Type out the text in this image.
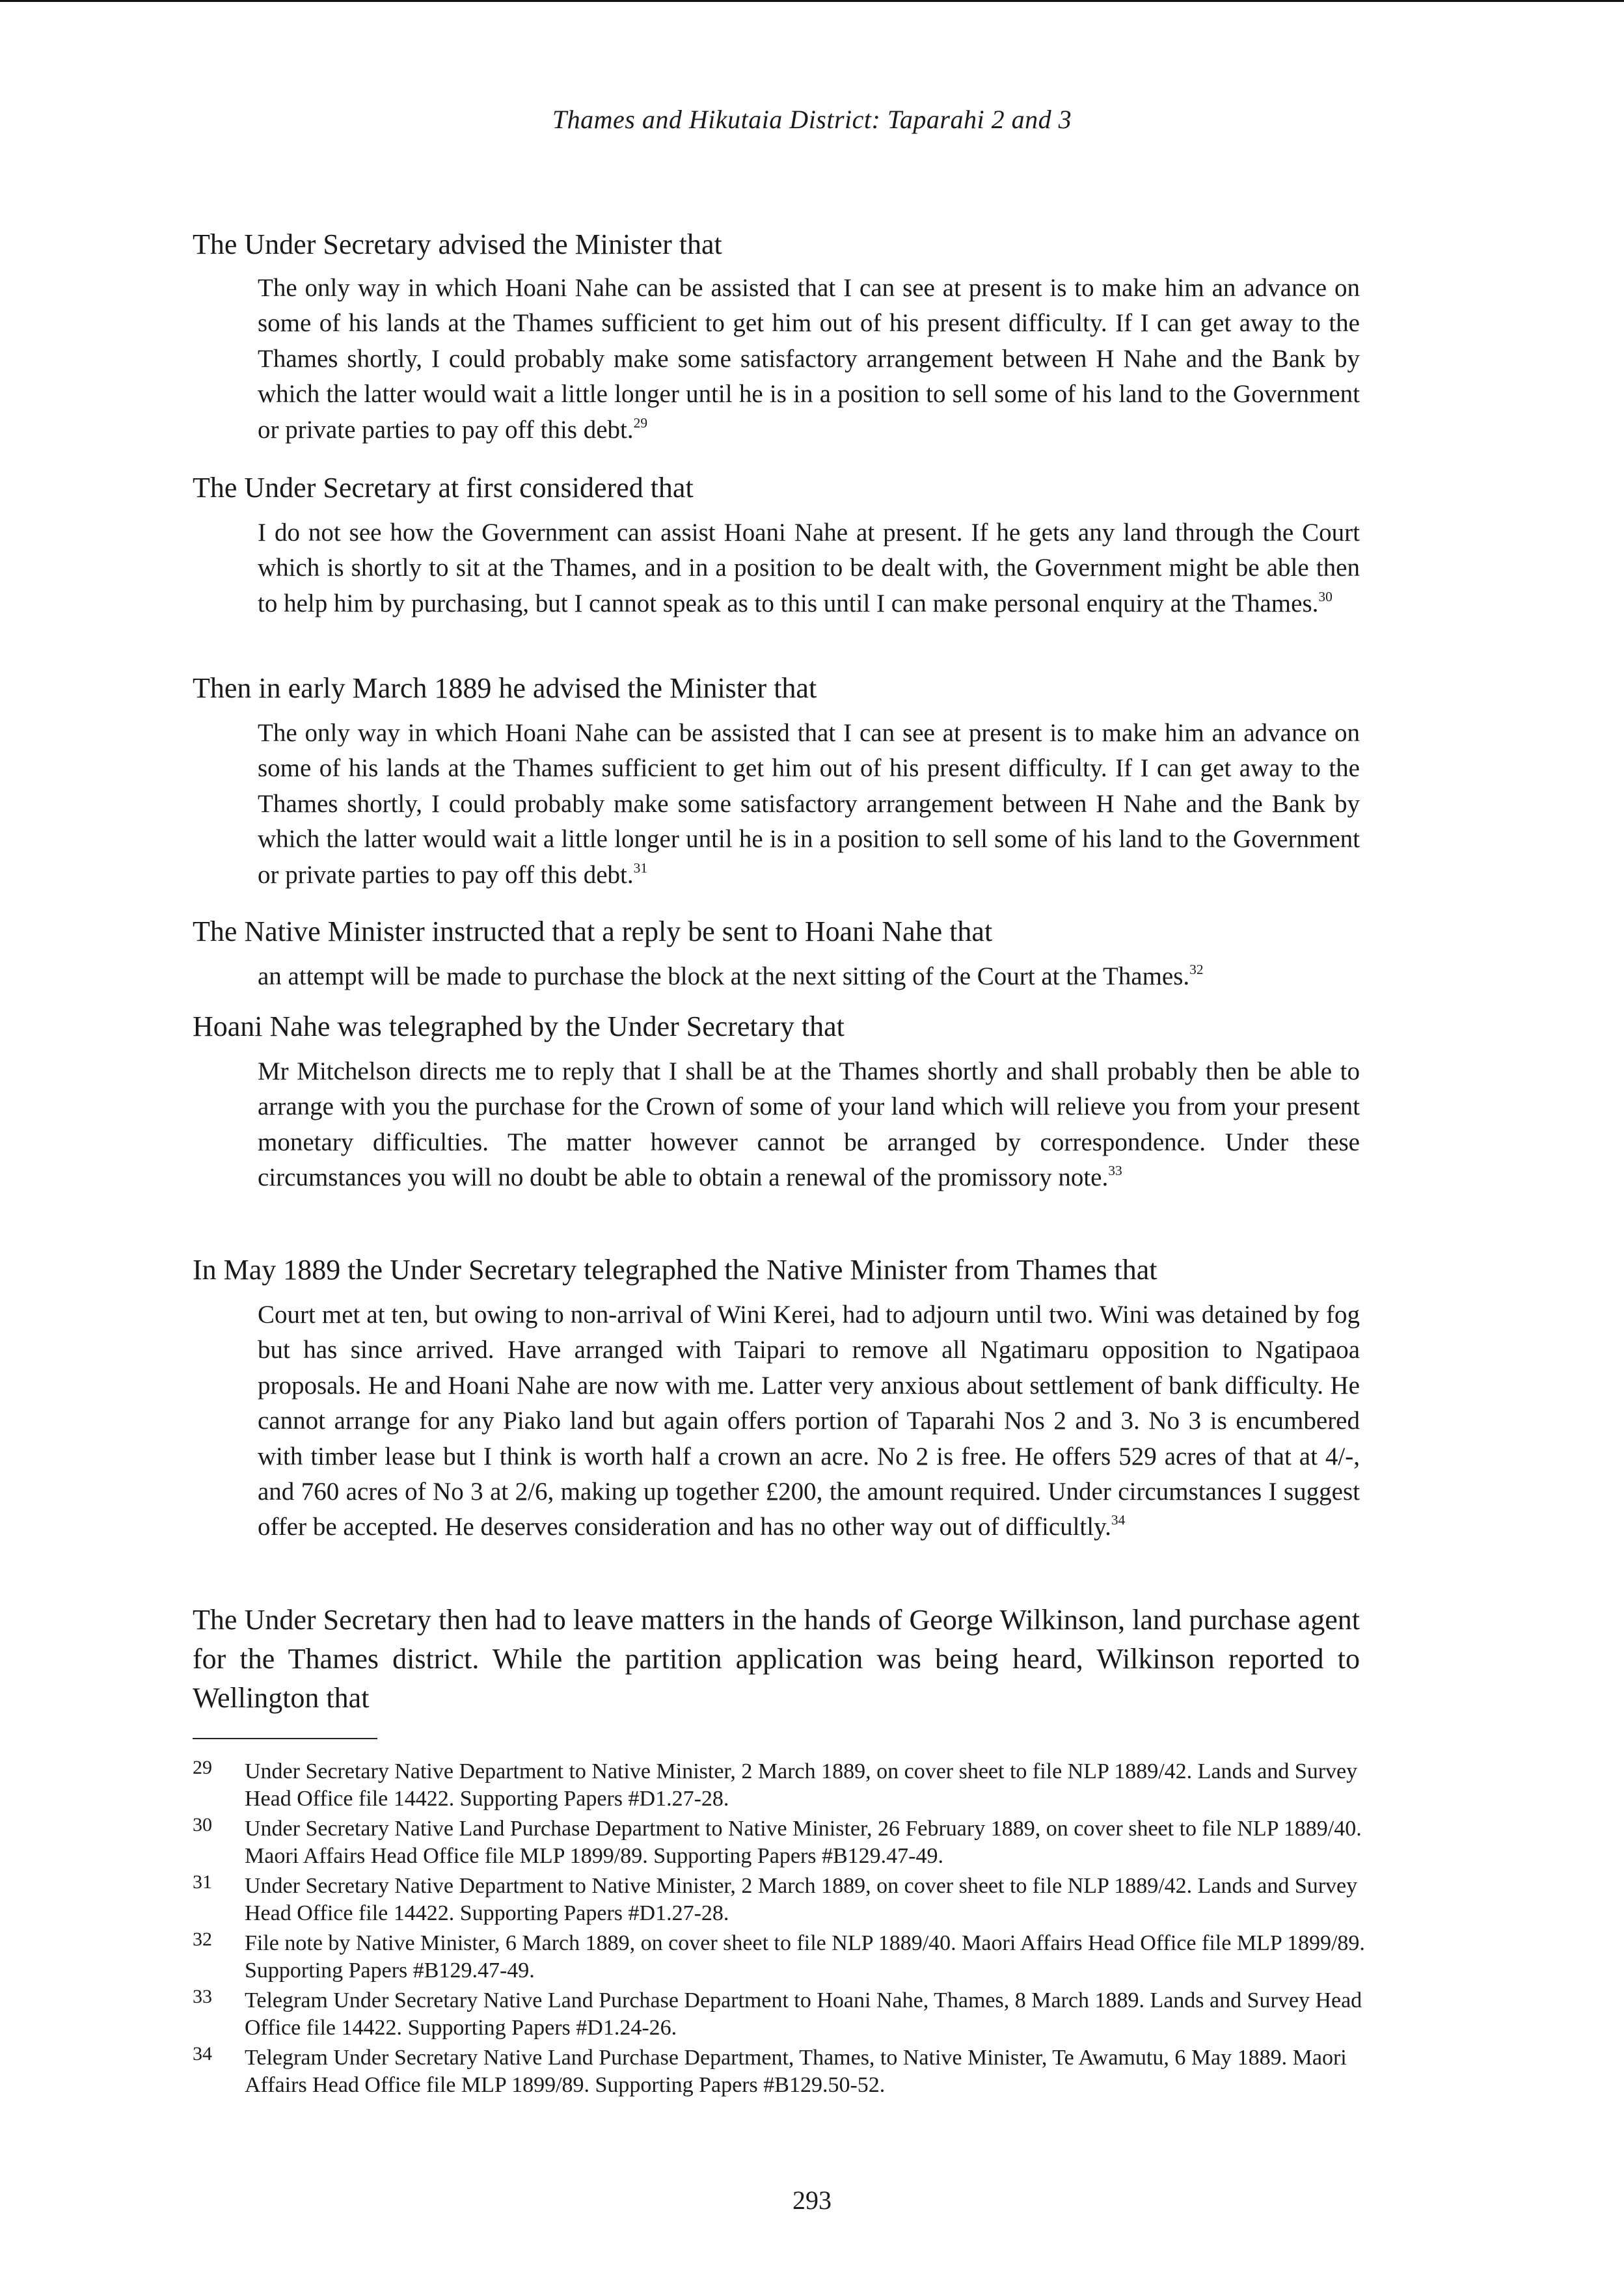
Thames and Hikutaia District: Taparahi 2 and 3
The Under Secretary advised the Minister that
The only way in which Hoani Nahe can be assisted that I can see at present is to make him an advance on some of his lands at the Thames sufficient to get him out of his present difficulty. If I can get away to the Thames shortly, I could probably make some satisfactory arrangement between H Nahe and the Bank by which the latter would wait a little longer until he is in a position to sell some of his land to the Government or private parties to pay off this debt.$^{29}$
The Under Secretary at first considered that
I do not see how the Government can assist Hoani Nahe at present. If he gets any land through the Court which is shortly to sit at the Thames, and in a position to be dealt with, the Government might be able then to help him by purchasing, but I cannot speak as to this until I can make personal enquiry at the Thames.$^{30}$
Then in early March 1889 he advised the Minister that
The only way in which Hoani Nahe can be assisted that I can see at present is to make him an advance on some of his lands at the Thames sufficient to get him out of his present difficulty. If I can get away to the Thames shortly, I could probably make some satisfactory arrangement between H Nahe and the Bank by which the latter would wait a little longer until he is in a position to sell some of his land to the Government or private parties to pay off this debt.$^{31}$
The Native Minister instructed that a reply be sent to Hoani Nahe that
an attempt will be made to purchase the block at the next sitting of the Court at the Thames.$^{32}$
Hoani Nahe was telegraphed by the Under Secretary that
Mr Mitchelson directs me to reply that I shall be at the Thames shortly and shall probably then be able to arrange with you the purchase for the Crown of some of your land which will relieve you from your present monetary difficulties. The matter however cannot be arranged by correspondence. Under these circumstances you will no doubt be able to obtain a renewal of the promissory note.$^{33}$
In May 1889 the Under Secretary telegraphed the Native Minister from Thames that
Court met at ten, but owing to non-arrival of Wini Kerei, had to adjourn until two. Wini was detained by fog but has since arrived. Have arranged with Taipari to remove all Ngatimaru opposition to Ngatipaoa proposals. He and Hoani Nahe are now with me. Latter very anxious about settlement of bank difficulty. He cannot arrange for any Piako land but again offers portion of Taparahi Nos 2 and 3. No 3 is encumbered with timber lease but I think is worth half a crown an acre. No 2 is free. He offers 529 acres of that at 4/-, and 760 acres of No 3 at 2/6, making up together £200, the amount required. Under circumstances I suggest offer be accepted. He deserves consideration and has no other way out of difficultly.$^{34}$
The Under Secretary then had to leave matters in the hands of George Wilkinson, land purchase agent for the Thames district. While the partition application was being heard, Wilkinson reported to Wellington that
29 Under Secretary Native Department to Native Minister, 2 March 1889, on cover sheet to file NLP 1889/42. Lands and Survey Head Office file 14422. Supporting Papers #D1.27-28.
30 Under Secretary Native Land Purchase Department to Native Minister, 26 February 1889, on cover sheet to file NLP 1889/40. Maori Affairs Head Office file MLP 1899/89. Supporting Papers #B129.47-49.
31 Under Secretary Native Department to Native Minister, 2 March 1889, on cover sheet to file NLP 1889/42. Lands and Survey Head Office file 14422. Supporting Papers #D1.27-28.
32 File note by Native Minister, 6 March 1889, on cover sheet to file NLP 1889/40. Maori Affairs Head Office file MLP 1899/89. Supporting Papers #B129.47-49.
33 Telegram Under Secretary Native Land Purchase Department to Hoani Nahe, Thames, 8 March 1889. Lands and Survey Head Office file 14422. Supporting Papers #D1.24-26.
34 Telegram Under Secretary Native Land Purchase Department, Thames, to Native Minister, Te Awamutu, 6 May 1889. Maori Affairs Head Office file MLP 1899/89. Supporting Papers #B129.50-52.
293
